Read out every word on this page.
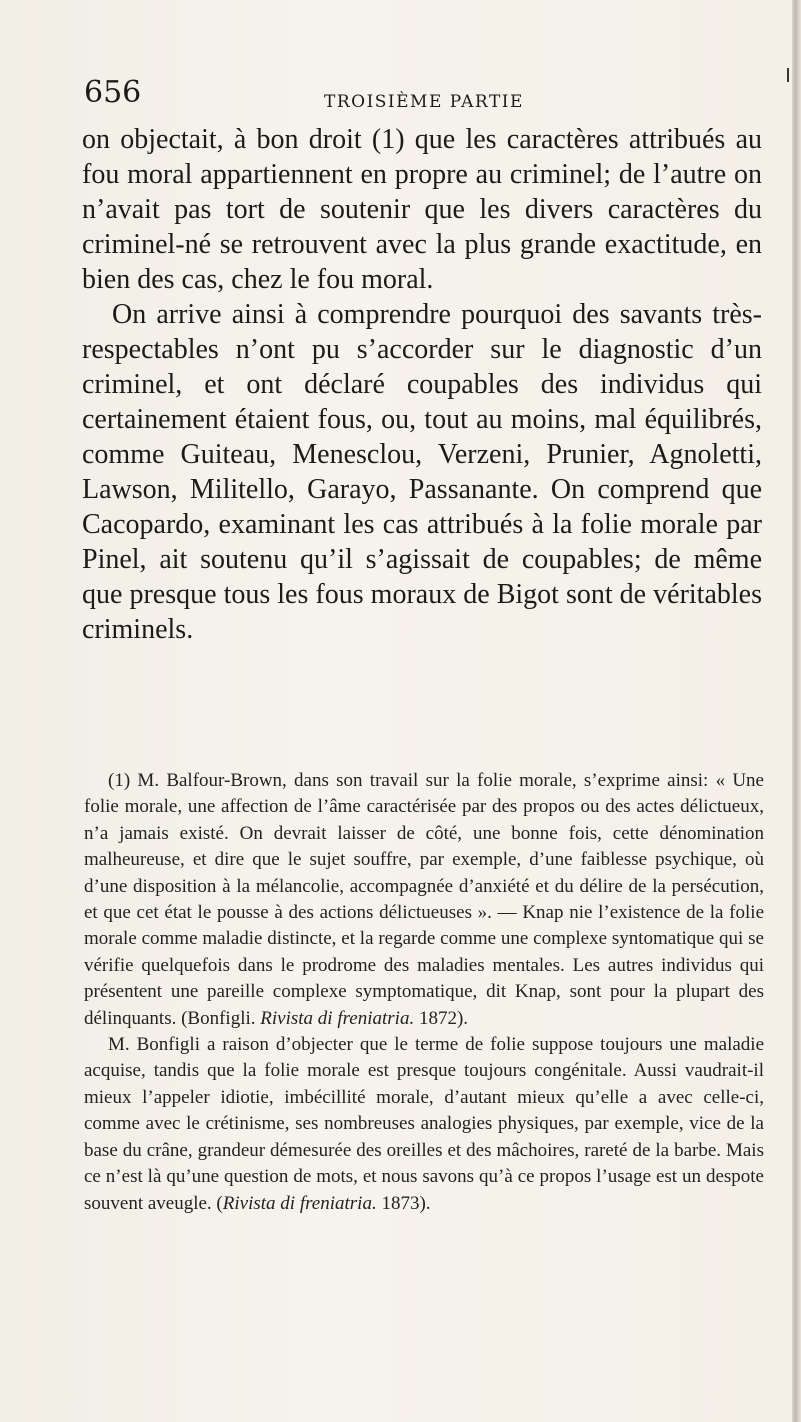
656	TROISIÈME PARTIE

on objectait, à bon droit (1) que les caractères attribués au fou moral appartiennent en propre au criminel; de l’autre on n’avait pas tort de soutenir que les divers caractères du criminel-né se retrouvent avec la plus grande exactitude, en bien des cas, chez le fou moral.

On arrive ainsi à comprendre pourquoi des savants très-respectables n’ont pu s’accorder sur le diagnostic d’un criminel, et ont déclaré coupables des individus qui certainement étaient fous, ou, tout au moins, mal équilibrés, comme Guiteau, Menesclou, Verzeni, Prunier, Agnoletti, Lawson, Militello, Garayo, Passanante. On comprend que Cacopardo, examinant les cas attribués à la folie morale par Pinel, ait soutenu qu’il s’agissait de coupables; de même que presque tous les fous moraux de Bigot sont de véritables criminels.

(1) M. Balfour-Brown, dans son travail sur la folie morale, s’exprime ainsi: « Une folie morale, une affection de l’âme caractérisée par des propos ou des actes délictueux, n’a jamais existé. On devrait laisser de côté, une bonne fois, cette dénomination malheureuse, et dire que le sujet souffre, par exemple, d’une faiblesse psychique, où d’une disposition à la mélancolie, accompagnée d’anxiété et du délire de la persécution, et que cet état le pousse à des actions délictueuses ». — Knap nie l’existence de la folie morale comme maladie distincte, et la regarde comme une complexe syntomatique qui se vérifie quelquefois dans le prodrome des maladies mentales. Les autres individus qui présentent une pareille complexe symptomatique, dit Knap, sont pour la plupart des délinquants. (Bonfigli. Rivista di freniatria. 1872).

M. Bonfigli a raison d’objecter que le terme de folie suppose toujours une maladie acquise, tandis que la folie morale est presque toujours congénitale. Aussi vaudrait-il mieux l’appeler idiotie, imbécillité morale, d’autant mieux qu’elle a avec celle-ci, comme avec le crétinisme, ses nombreuses analogies physiques, par exemple, vice de la base du crâne, grandeur démesurée des oreilles et des mâchoires, rareté de la barbe. Mais ce n’est là qu’une question de mots, et nous savons qu’à ce propos l’usage est un despote souvent aveugle. (Rivista di freniatria. 1873).
